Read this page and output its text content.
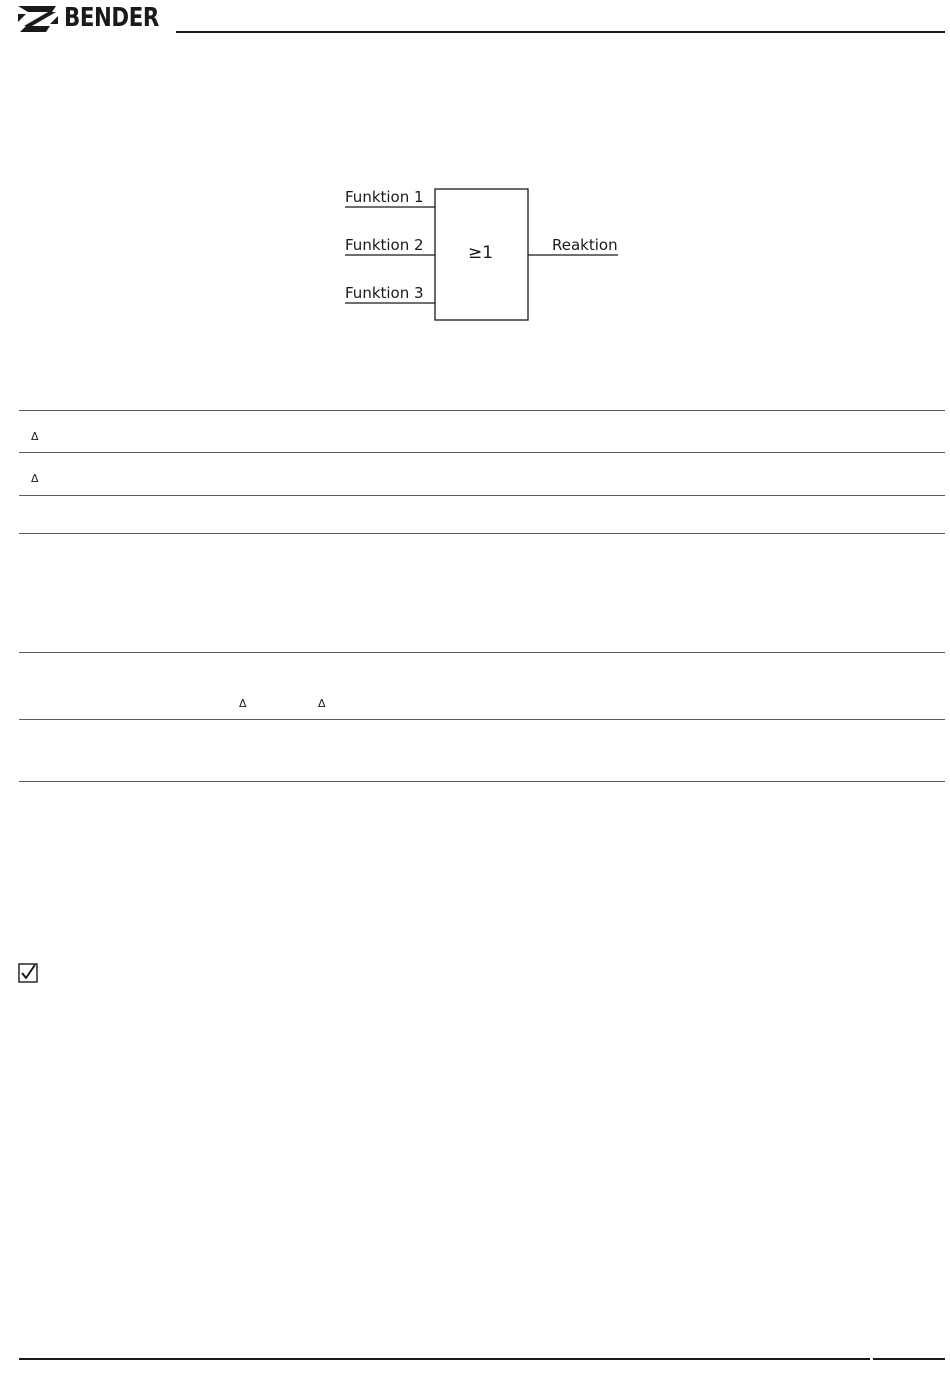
BENDER
Funktion 1
Funktion 2
Funktion 3
≥1	Reaktion
Δ
Δ
Δ	Δ
